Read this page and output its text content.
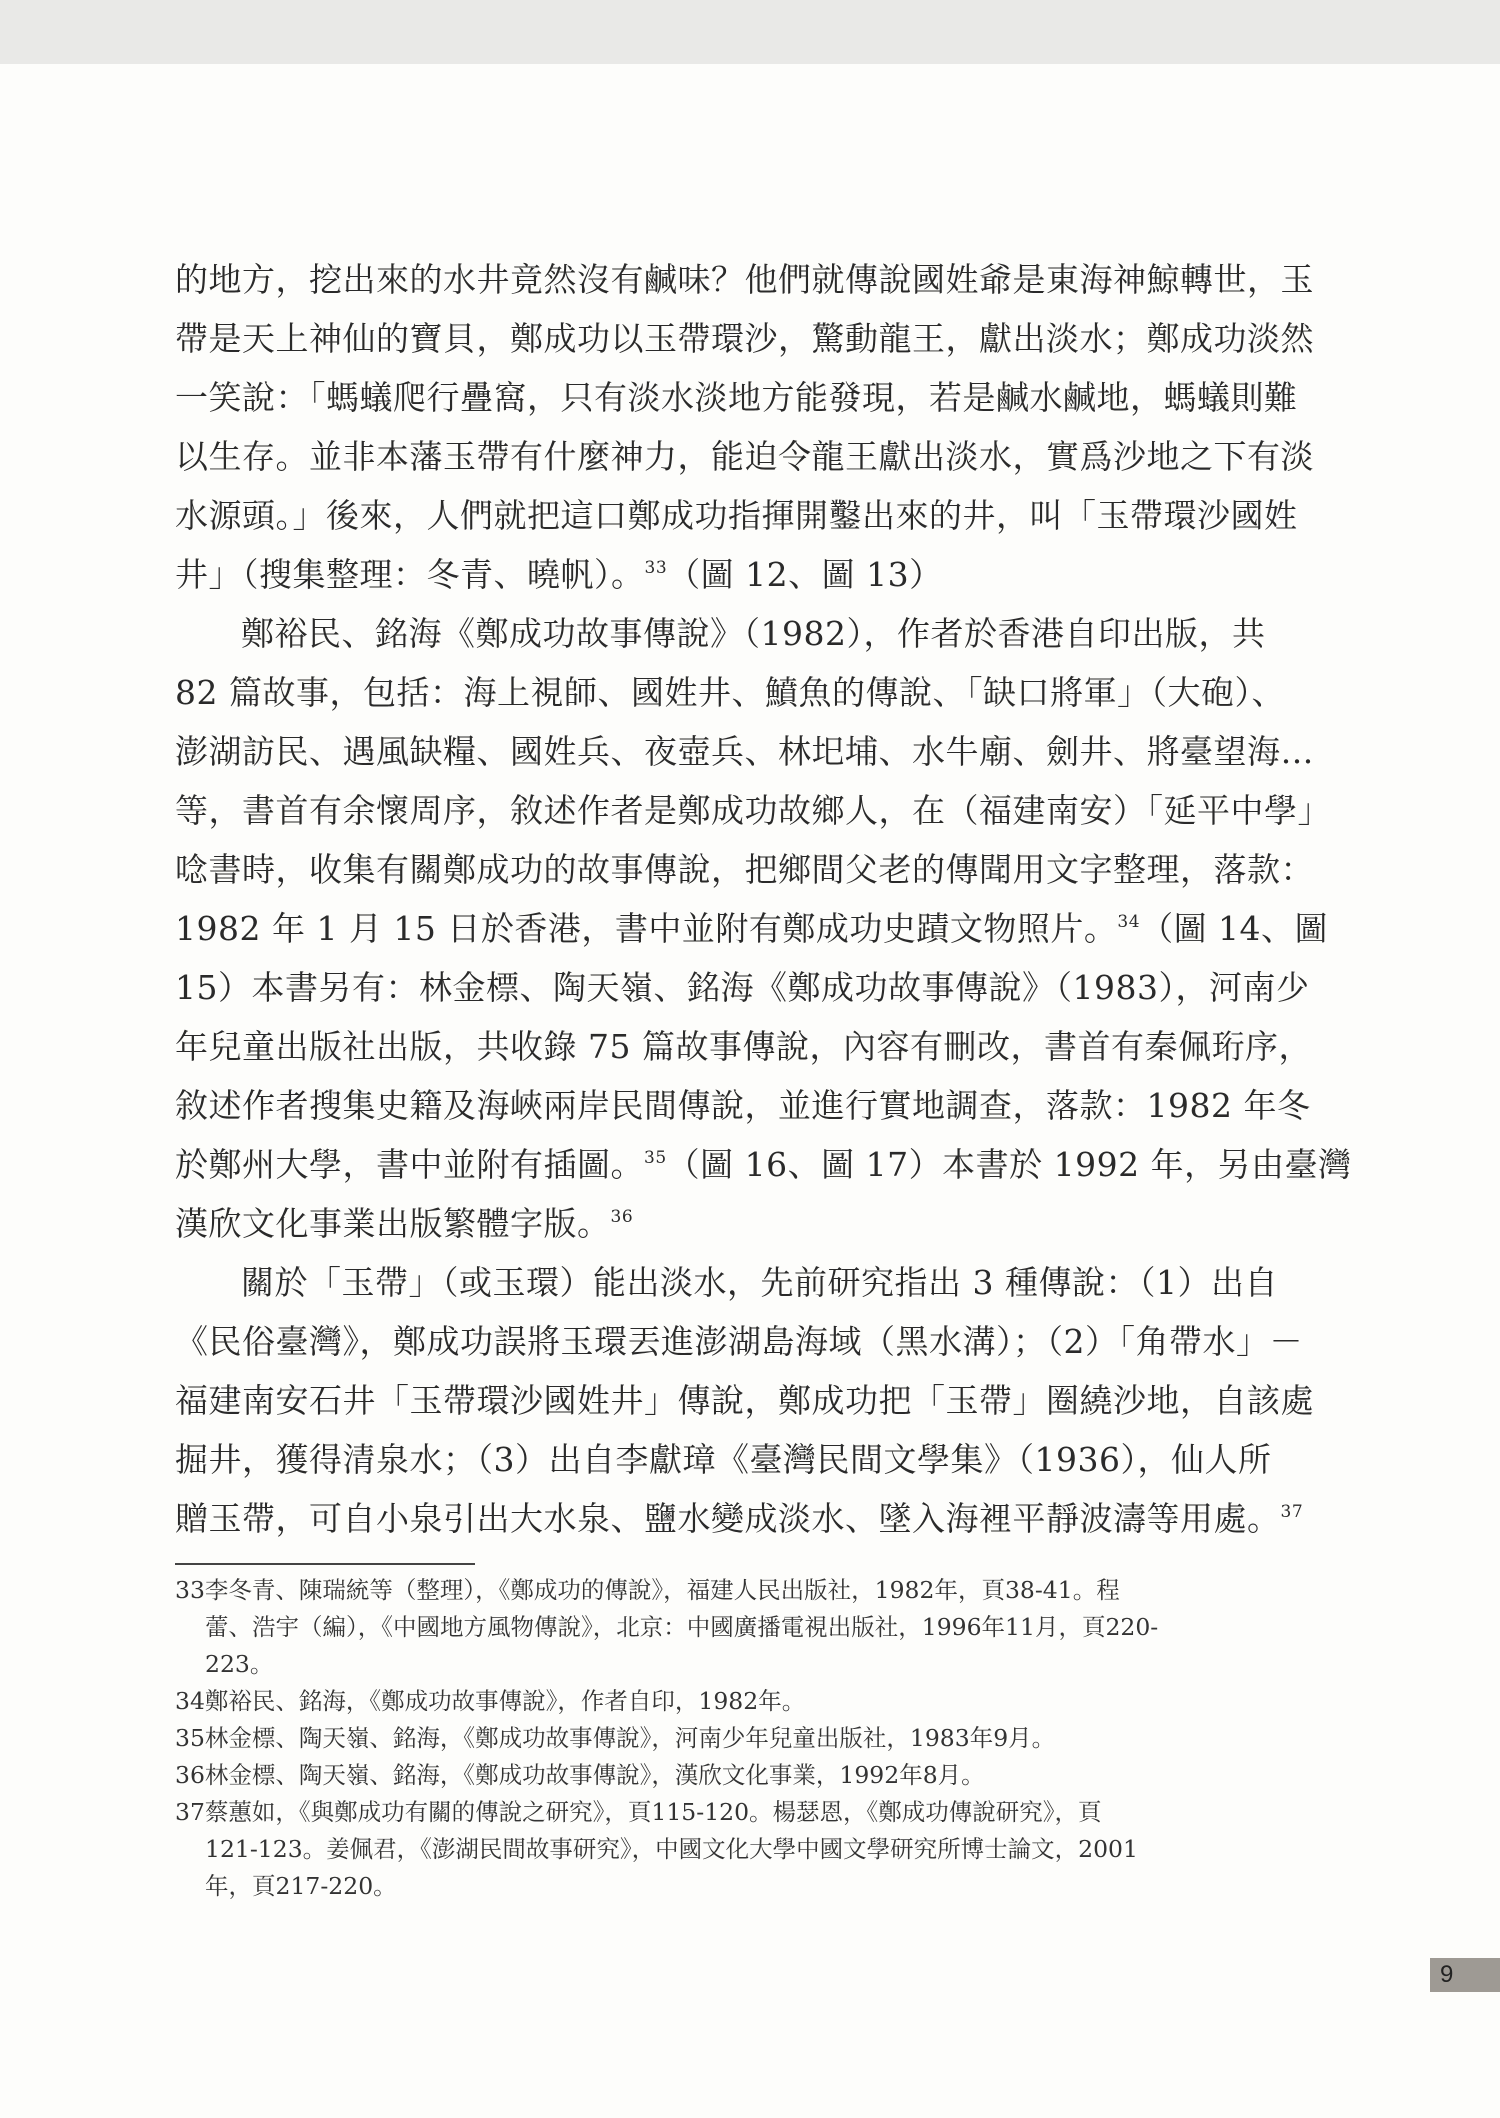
的地方，挖出來的水井竟然沒有鹹味？他們就傳說國姓爺是東海神鯨轉世，玉
帶是天上神仙的寶貝，鄭成功以玉帶環沙，驚動龍王，獻出淡水；鄭成功淡然
一笑說：「螞蟻爬行疊窩，只有淡水淡地方能發現，若是鹹水鹹地，螞蟻則難
以生存。並非本藩玉帶有什麼神力，能迫令龍王獻出淡水，實爲沙地之下有淡
水源頭。」後來，人們就把這口鄭成功指揮開鑿出來的井，叫「玉帶環沙國姓
井」（搜集整理：冬青、曉帆）。$^{33}$（圖 12、圖 13）

鄭裕民、銘海《鄭成功故事傳說》（1982），作者於香港自印出版，共
82 篇故事，包括：海上視師、國姓井、鱝魚的傳說、「缺口將軍」（大砲）、
澎湖訪民、遇風缺糧、國姓兵、夜壺兵、林圯埔、水牛廟、劍井、將臺望海…
等，書首有余懷周序，敘述作者是鄭成功故鄉人，在（福建南安）「延平中學」
唸書時，收集有關鄭成功的故事傳說，把鄉間父老的傳聞用文字整理，落款：
1982 年 1 月 15 日於香港，書中並附有鄭成功史蹟文物照片。$^{34}$（圖 14、圖
15）本書另有：林金標、陶天嶺、銘海《鄭成功故事傳說》（1983），河南少
年兒童出版社出版，共收錄 75 篇故事傳說，內容有刪改，書首有秦佩珩序，
敘述作者搜集史籍及海峽兩岸民間傳說，並進行實地調查，落款：1982 年冬
於鄭州大學，書中並附有插圖。$^{35}$（圖 16、圖 17）本書於 1992 年，另由臺灣
漢欣文化事業出版繁體字版。$^{36}$

關於「玉帶」（或玉環）能出淡水，先前研究指出 3 種傳說：（1）出自
《民俗臺灣》，鄭成功誤將玉環丟進澎湖島海域（黑水溝）；（2）「角帶水」－
福建南安石井「玉帶環沙國姓井」傳說，鄭成功把「玉帶」圈繞沙地，自該處
掘井，獲得清泉水；（3）出自李獻璋《臺灣民間文學集》（1936），仙人所
贈玉帶，可自小泉引出大水泉、鹽水變成淡水、墜入海裡平靜波濤等用處。$^{37}$

33李冬青、陳瑞統等（整理），《鄭成功的傳說》，福建人民出版社，1982年，頁38-41。程
蕾、浩宇（編），《中國地方風物傳說》，北京：中國廣播電視出版社，1996年11月，頁220-
223。
34鄭裕民、銘海，《鄭成功故事傳說》，作者自印，1982年。
35林金標、陶天嶺、銘海，《鄭成功故事傳說》，河南少年兒童出版社，1983年9月。
36林金標、陶天嶺、銘海，《鄭成功故事傳說》，漢欣文化事業，1992年8月。
37蔡蕙如，《與鄭成功有關的傳說之研究》，頁115-120。楊瑟恩，《鄭成功傳說研究》，頁
121-123。姜佩君，《澎湖民間故事研究》，中國文化大學中國文學研究所博士論文，2001
年，頁217-220。
9
